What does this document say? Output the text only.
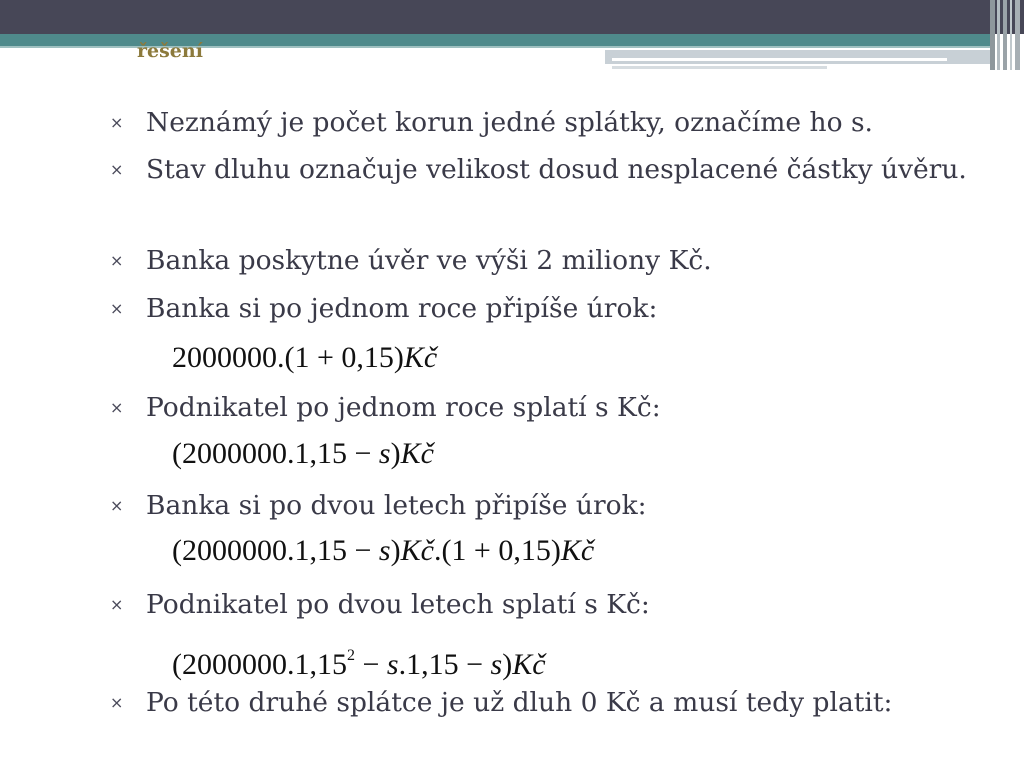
řešení
× Neznámý je počet korun jedné splátky, označíme ho s.
× Stav dluhu označuje velikost dosud nesplacené částky úvěru.
× Banka poskytne úvěr ve výši 2 miliony Kč.
× Banka si po jednom roce připíše úrok:
2000000.(1 + 0,15)Kč
× Podnikatel po jednom roce splatí s Kč:
(2000000.1,15 − s)Kč
× Banka si po dvou letech připíše úrok:
(2000000.1,15 − s)Kč.(1 + 0,15)Kč
× Podnikatel po dvou letech splatí s Kč:
($2000000.1,15^2 - s.1,15$ − s)Kč
× Po této druhé splátce je už dluh 0 Kč a musí tedy platit:
